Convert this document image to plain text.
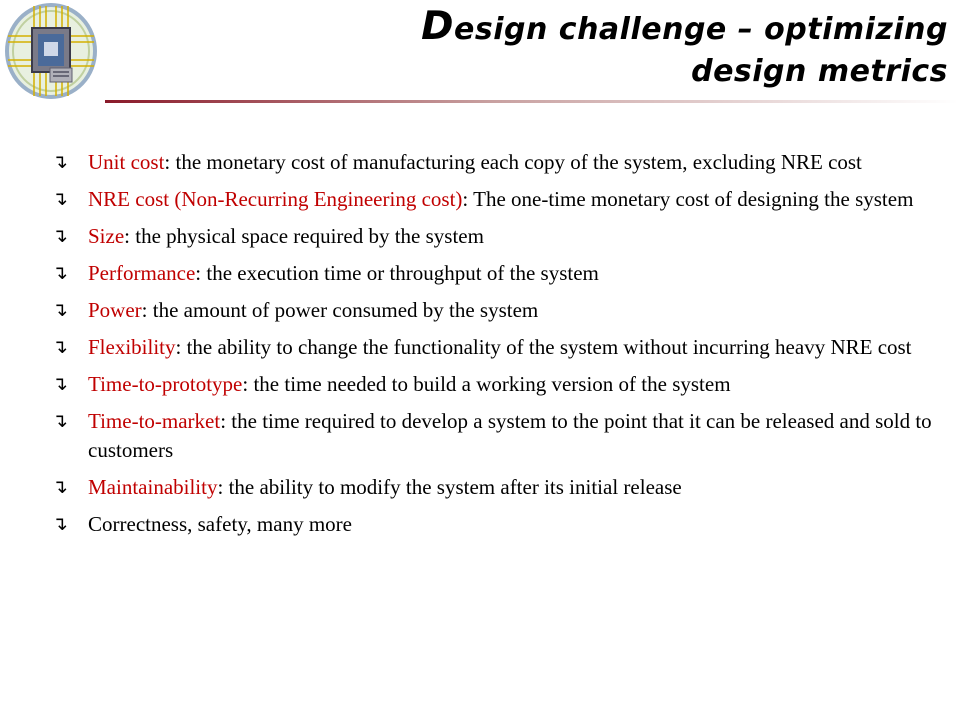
Design challenge – optimizing
design metrics
↴ Unit cost: the monetary cost of manufacturing each copy of the system, excluding NRE cost
↴ NRE cost (Non-Recurring Engineering cost): The one-time monetary cost of designing the system
↴ Size: the physical space required by the system
↴ Performance: the execution time or throughput of the system
↴ Power: the amount of power consumed by the system
↴ Flexibility: the ability to change the functionality of the system without incurring heavy NRE cost
↴ Time-to-prototype: the time needed to build a working version of the system
↴ Time-to-market: the time required to develop a system to the point that it can be released and sold to customers
↴ Maintainability: the ability to modify the system after its initial release
↴ Correctness, safety, many more
